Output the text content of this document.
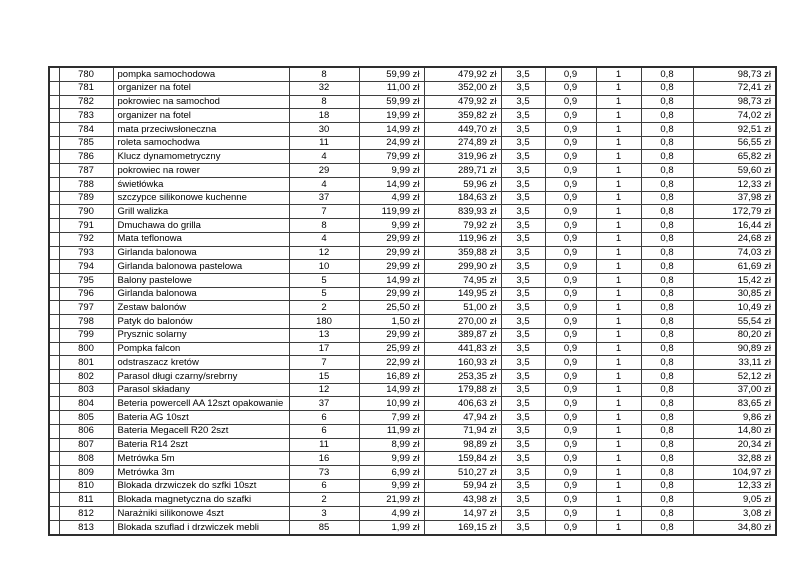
	780	pompka samochodowa	8	59,99 zł	479,92 zł	3,5	0,9	1	0,8	98,73 zł
	781	organizer na fotel	32	11,00 zł	352,00 zł	3,5	0,9	1	0,8	72,41 zł
	782	pokrowiec na samochod	8	59,99 zł	479,92 zł	3,5	0,9	1	0,8	98,73 zł
	783	organizer na fotel	18	19,99 zł	359,82 zł	3,5	0,9	1	0,8	74,02 zł
	784	mata przeciwsłoneczna	30	14,99 zł	449,70 zł	3,5	0,9	1	0,8	92,51 zł
	785	roleta samochodwa	11	24,99 zł	274,89 zł	3,5	0,9	1	0,8	56,55 zł
	786	Klucz dynamometryczny	4	79,99 zł	319,96 zł	3,5	0,9	1	0,8	65,82 zł
	787	pokrowiec na rower	29	9,99 zł	289,71 zł	3,5	0,9	1	0,8	59,60 zł
	788	świetłówka	4	14,99 zł	59,96 zł	3,5	0,9	1	0,8	12,33 zł
	789	szczypce silikonowe kuchenne	37	4,99 zł	184,63 zł	3,5	0,9	1	0,8	37,98 zł
	790	Grill walizka	7	119,99 zł	839,93 zł	3,5	0,9	1	0,8	172,79 zł
	791	Dmuchawa do grilla	8	9,99 zł	79,92 zł	3,5	0,9	1	0,8	16,44 zł
	792	Mata teflonowa	4	29,99 zł	119,96 zł	3,5	0,9	1	0,8	24,68 zł
	793	Girlanda balonowa	12	29,99 zł	359,88 zł	3,5	0,9	1	0,8	74,03 zł
	794	Girlanda balonowa pastelowa	10	29,99 zł	299,90 zł	3,5	0,9	1	0,8	61,69 zł
	795	Balony pastelowe	5	14,99 zł	74,95 zł	3,5	0,9	1	0,8	15,42 zł
	796	Girlanda balonowa	5	29,99 zł	149,95 zł	3,5	0,9	1	0,8	30,85 zł
	797	Zestaw balonów	2	25,50 zł	51,00 zł	3,5	0,9	1	0,8	10,49 zł
	798	Patyk do balonów	180	1,50 zł	270,00 zł	3,5	0,9	1	0,8	55,54 zł
	799	Prysznic solarny	13	29,99 zł	389,87 zł	3,5	0,9	1	0,8	80,20 zł
	800	Pompka falcon	17	25,99 zł	441,83 zł	3,5	0,9	1	0,8	90,89 zł
	801	odstraszacz kretów	7	22,99 zł	160,93 zł	3,5	0,9	1	0,8	33,11 zł
	802	Parasol długi czarny/srebrny	15	16,89 zł	253,35 zł	3,5	0,9	1	0,8	52,12 zł
	803	Parasol składany	12	14,99 zł	179,88 zł	3,5	0,9	1	0,8	37,00 zł
	804	Beteria powercell AA 12szt opakowanie	37	10,99 zł	406,63 zł	3,5	0,9	1	0,8	83,65 zł
	805	Bateria AG 10szt	6	7,99 zł	47,94 zł	3,5	0,9	1	0,8	9,86 zł
	806	Bateria Megacell R20 2szt	6	11,99 zł	71,94 zł	3,5	0,9	1	0,8	14,80 zł
	807	Bateria R14 2szt	11	8,99 zł	98,89 zł	3,5	0,9	1	0,8	20,34 zł
	808	Metrówka 5m	16	9,99 zł	159,84 zł	3,5	0,9	1	0,8	32,88 zł
	809	Metrówka 3m	73	6,99 zł	510,27 zł	3,5	0,9	1	0,8	104,97 zł
	810	Blokada drzwiczek do szfki 10szt	6	9,99 zł	59,94 zł	3,5	0,9	1	0,8	12,33 zł
	811	Blokada magnetyczna do szafki	2	21,99 zł	43,98 zł	3,5	0,9	1	0,8	9,05 zł
	812	Narażniki silikonowe 4szt	3	4,99 zł	14,97 zł	3,5	0,9	1	0,8	3,08 zł
	813	Blokada szuflad i drzwiczek mebli	85	1,99 zł	169,15 zł	3,5	0,9	1	0,8	34,80 zł
